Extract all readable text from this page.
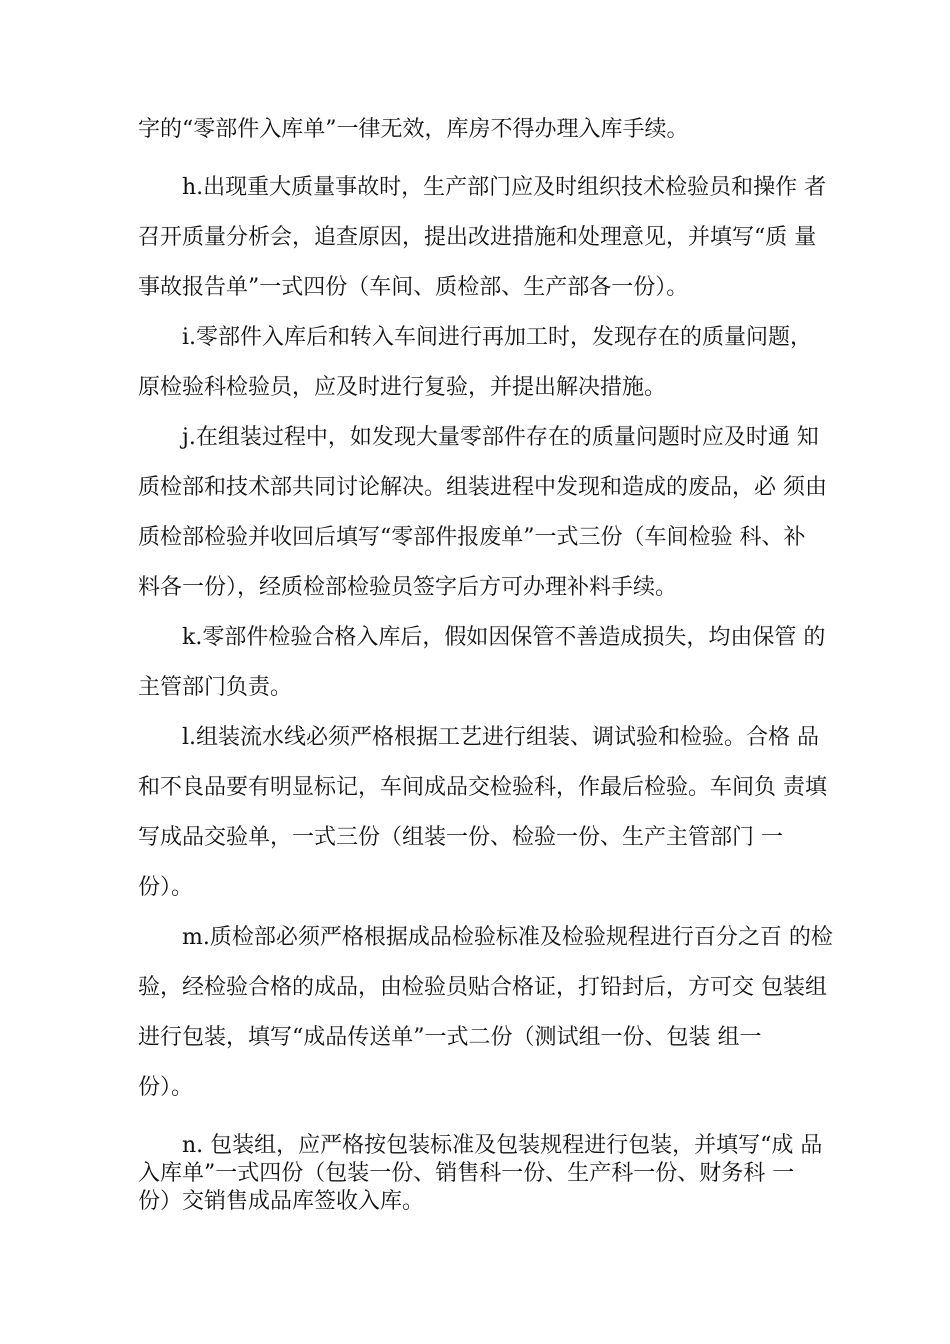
字的“零部件入库单”一律无效，库房不得办理入库手续。
h.出现重大质量事故时，生产部门应及时组织技术检验员和操作 者
召开质量分析会，追查原因，提出改进措施和处理意见，并填写“质 量
事故报告单”一式四份（车间、质检部、生产部各一份）。
i.零部件入库后和转入车间进行再加工时，发现存在的质量问题，
原检验科检验员，应及时进行复验，并提出解决措施。
j.在组装过程中，如发现大量零部件存在的质量问题时应及时通 知
质检部和技术部共同讨论解决。组装进程中发现和造成的废品，必 须由
质检部检验并收回后填写“零部件报废单”一式三份（车间检验 科、补
料各一份），经质检部检验员签字后方可办理补料手续。
k.零部件检验合格入库后，假如因保管不善造成损失，均由保管 的
主管部门负责。
l.组装流水线必须严格根据工艺进行组装、调试验和检验。合格 品
和不良品要有明显标记，车间成品交检验科，作最后检验。车间负 责填
写成品交验单，一式三份（组装一份、检验一份、生产主管部门 一
份）。
m.质检部必须严格根据成品检验标准及检验规程进行百分之百 的检
验，经检验合格的成品，由检验员贴合格证，打铅封后，方可交 包装组
进行包装，填写“成品传送单”一式二份（测试组一份、包装 组一
份）。
n. 包装组，应严格按包装标准及包装规程进行包装，并填写“成 品
入库单”一式四份（包装一份、销售科一份、生产科一份、财务科 一
份）交销售成品库签收入库。
